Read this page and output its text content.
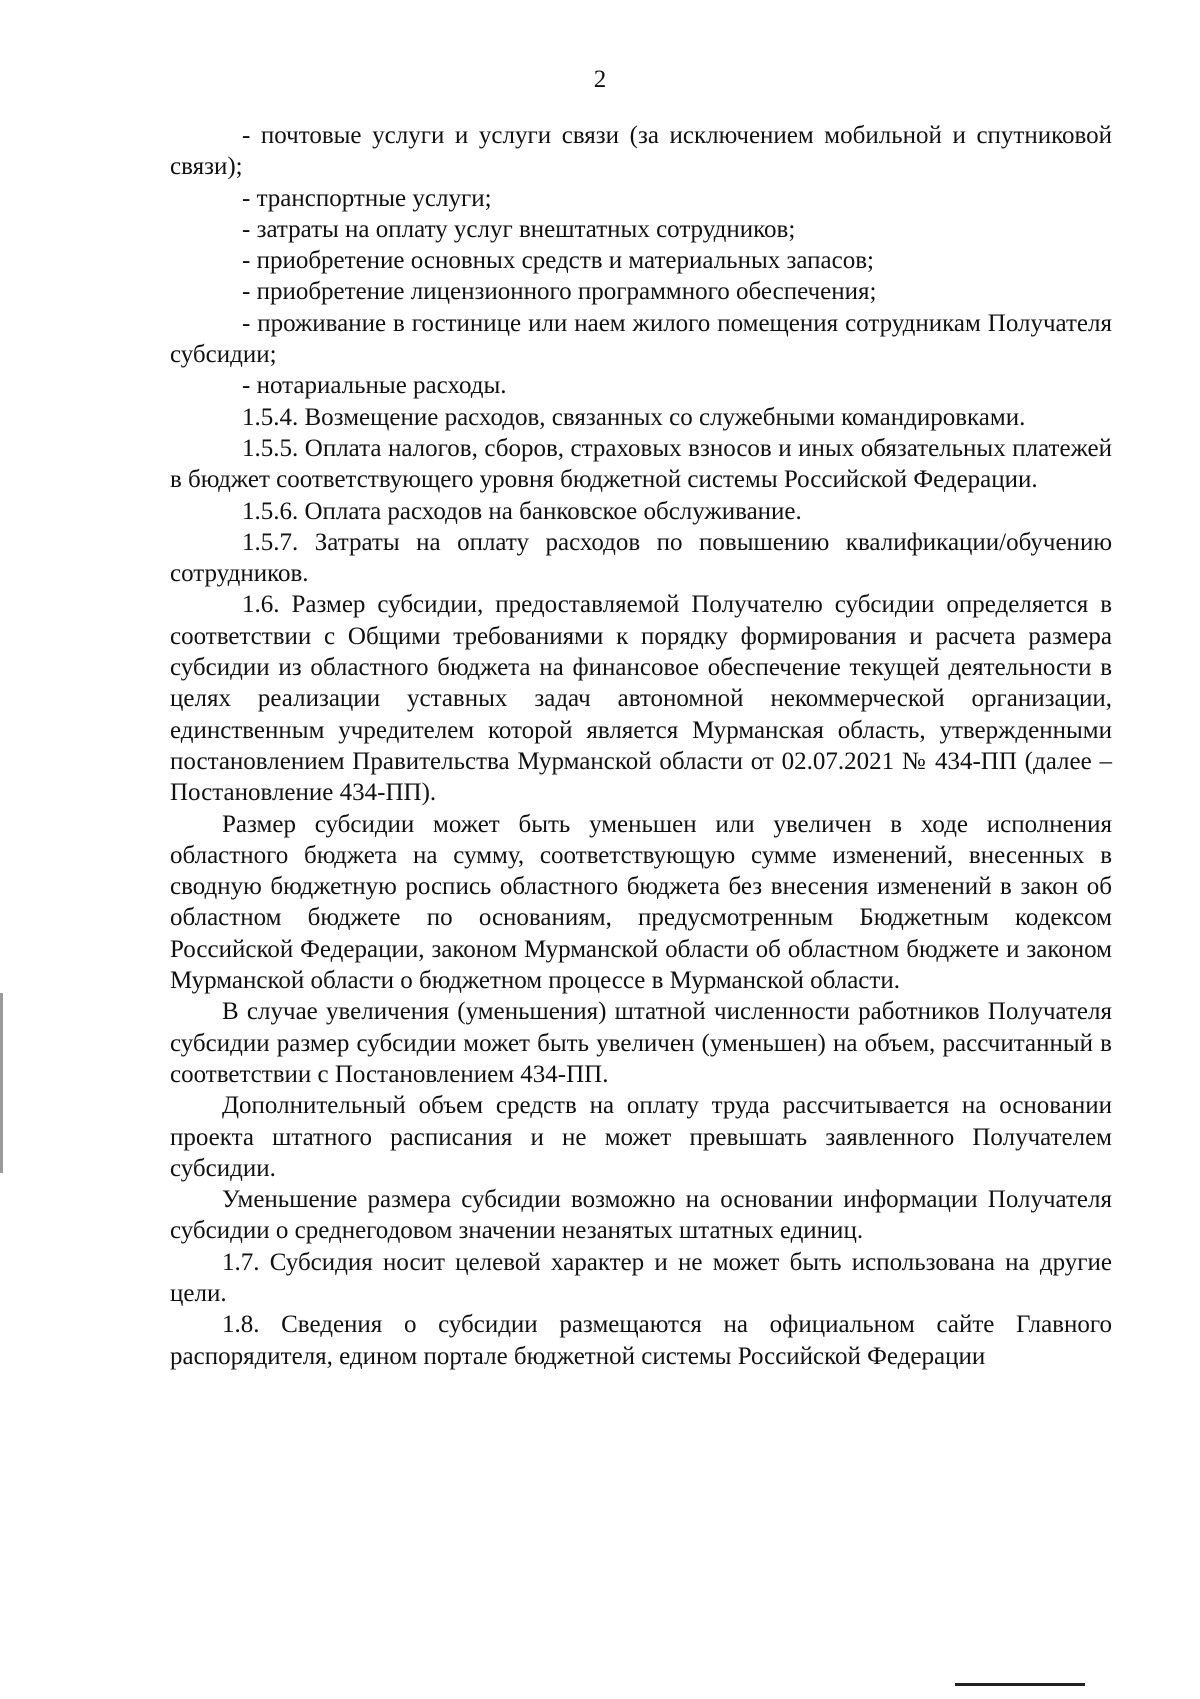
2

- почтовые услуги и услуги связи (за исключением мобильной и спутниковой связи);

- транспортные услуги;

- затраты на оплату услуг внештатных сотрудников;

- приобретение основных средств и материальных запасов;

- приобретение лицензионного программного обеспечения;

- проживание в гостинице или наем жилого помещения сотрудникам Получателя субсидии;

- нотариальные расходы.

1.5.4. Возмещение расходов, связанных со служебными командировками.

1.5.5. Оплата налогов, сборов, страховых взносов и иных обязательных платежей в бюджет соответствующего уровня бюджетной системы Российской Федерации.

1.5.6. Оплата расходов на банковское обслуживание.

1.5.7. Затраты на оплату расходов по повышению квалификации/обучению сотрудников.

1.6. Размер субсидии, предоставляемой Получателю субсидии определяется в соответствии с Общими требованиями к порядку формирования и расчета размера субсидии из областного бюджета на финансовое обеспечение текущей деятельности в целях реализации уставных задач автономной некоммерческой организации, единственным учредителем которой является Мурманская область, утвержденными постановлением Правительства Мурманской области от 02.07.2021 № 434-ПП (далее – Постановление 434-ПП).

Размер субсидии может быть уменьшен или увеличен в ходе исполнения областного бюджета на сумму, соответствующую сумме изменений, внесенных в сводную бюджетную роспись областного бюджета без внесения изменений в закон об областном бюджете по основаниям, предусмотренным Бюджетным кодексом Российской Федерации, законом Мурманской области об областном бюджете и законом Мурманской области о бюджетном процессе в Мурманской области.

В случае увеличения (уменьшения) штатной численности работников Получателя субсидии размер субсидии может быть увеличен (уменьшен) на объем, рассчитанный в соответствии с Постановлением 434-ПП.

Дополнительный объем средств на оплату труда рассчитывается на основании проекта штатного расписания и не может превышать заявленного Получателем субсидии.

Уменьшение размера субсидии возможно на основании информации Получателя субсидии о среднегодовом значении незанятых штатных единиц.

1.7. Субсидия носит целевой характер и не может быть использована на другие цели.

1.8. Сведения о субсидии размещаются на официальном сайте Главного распорядителя, едином портале бюджетной системы Российской Федерации
